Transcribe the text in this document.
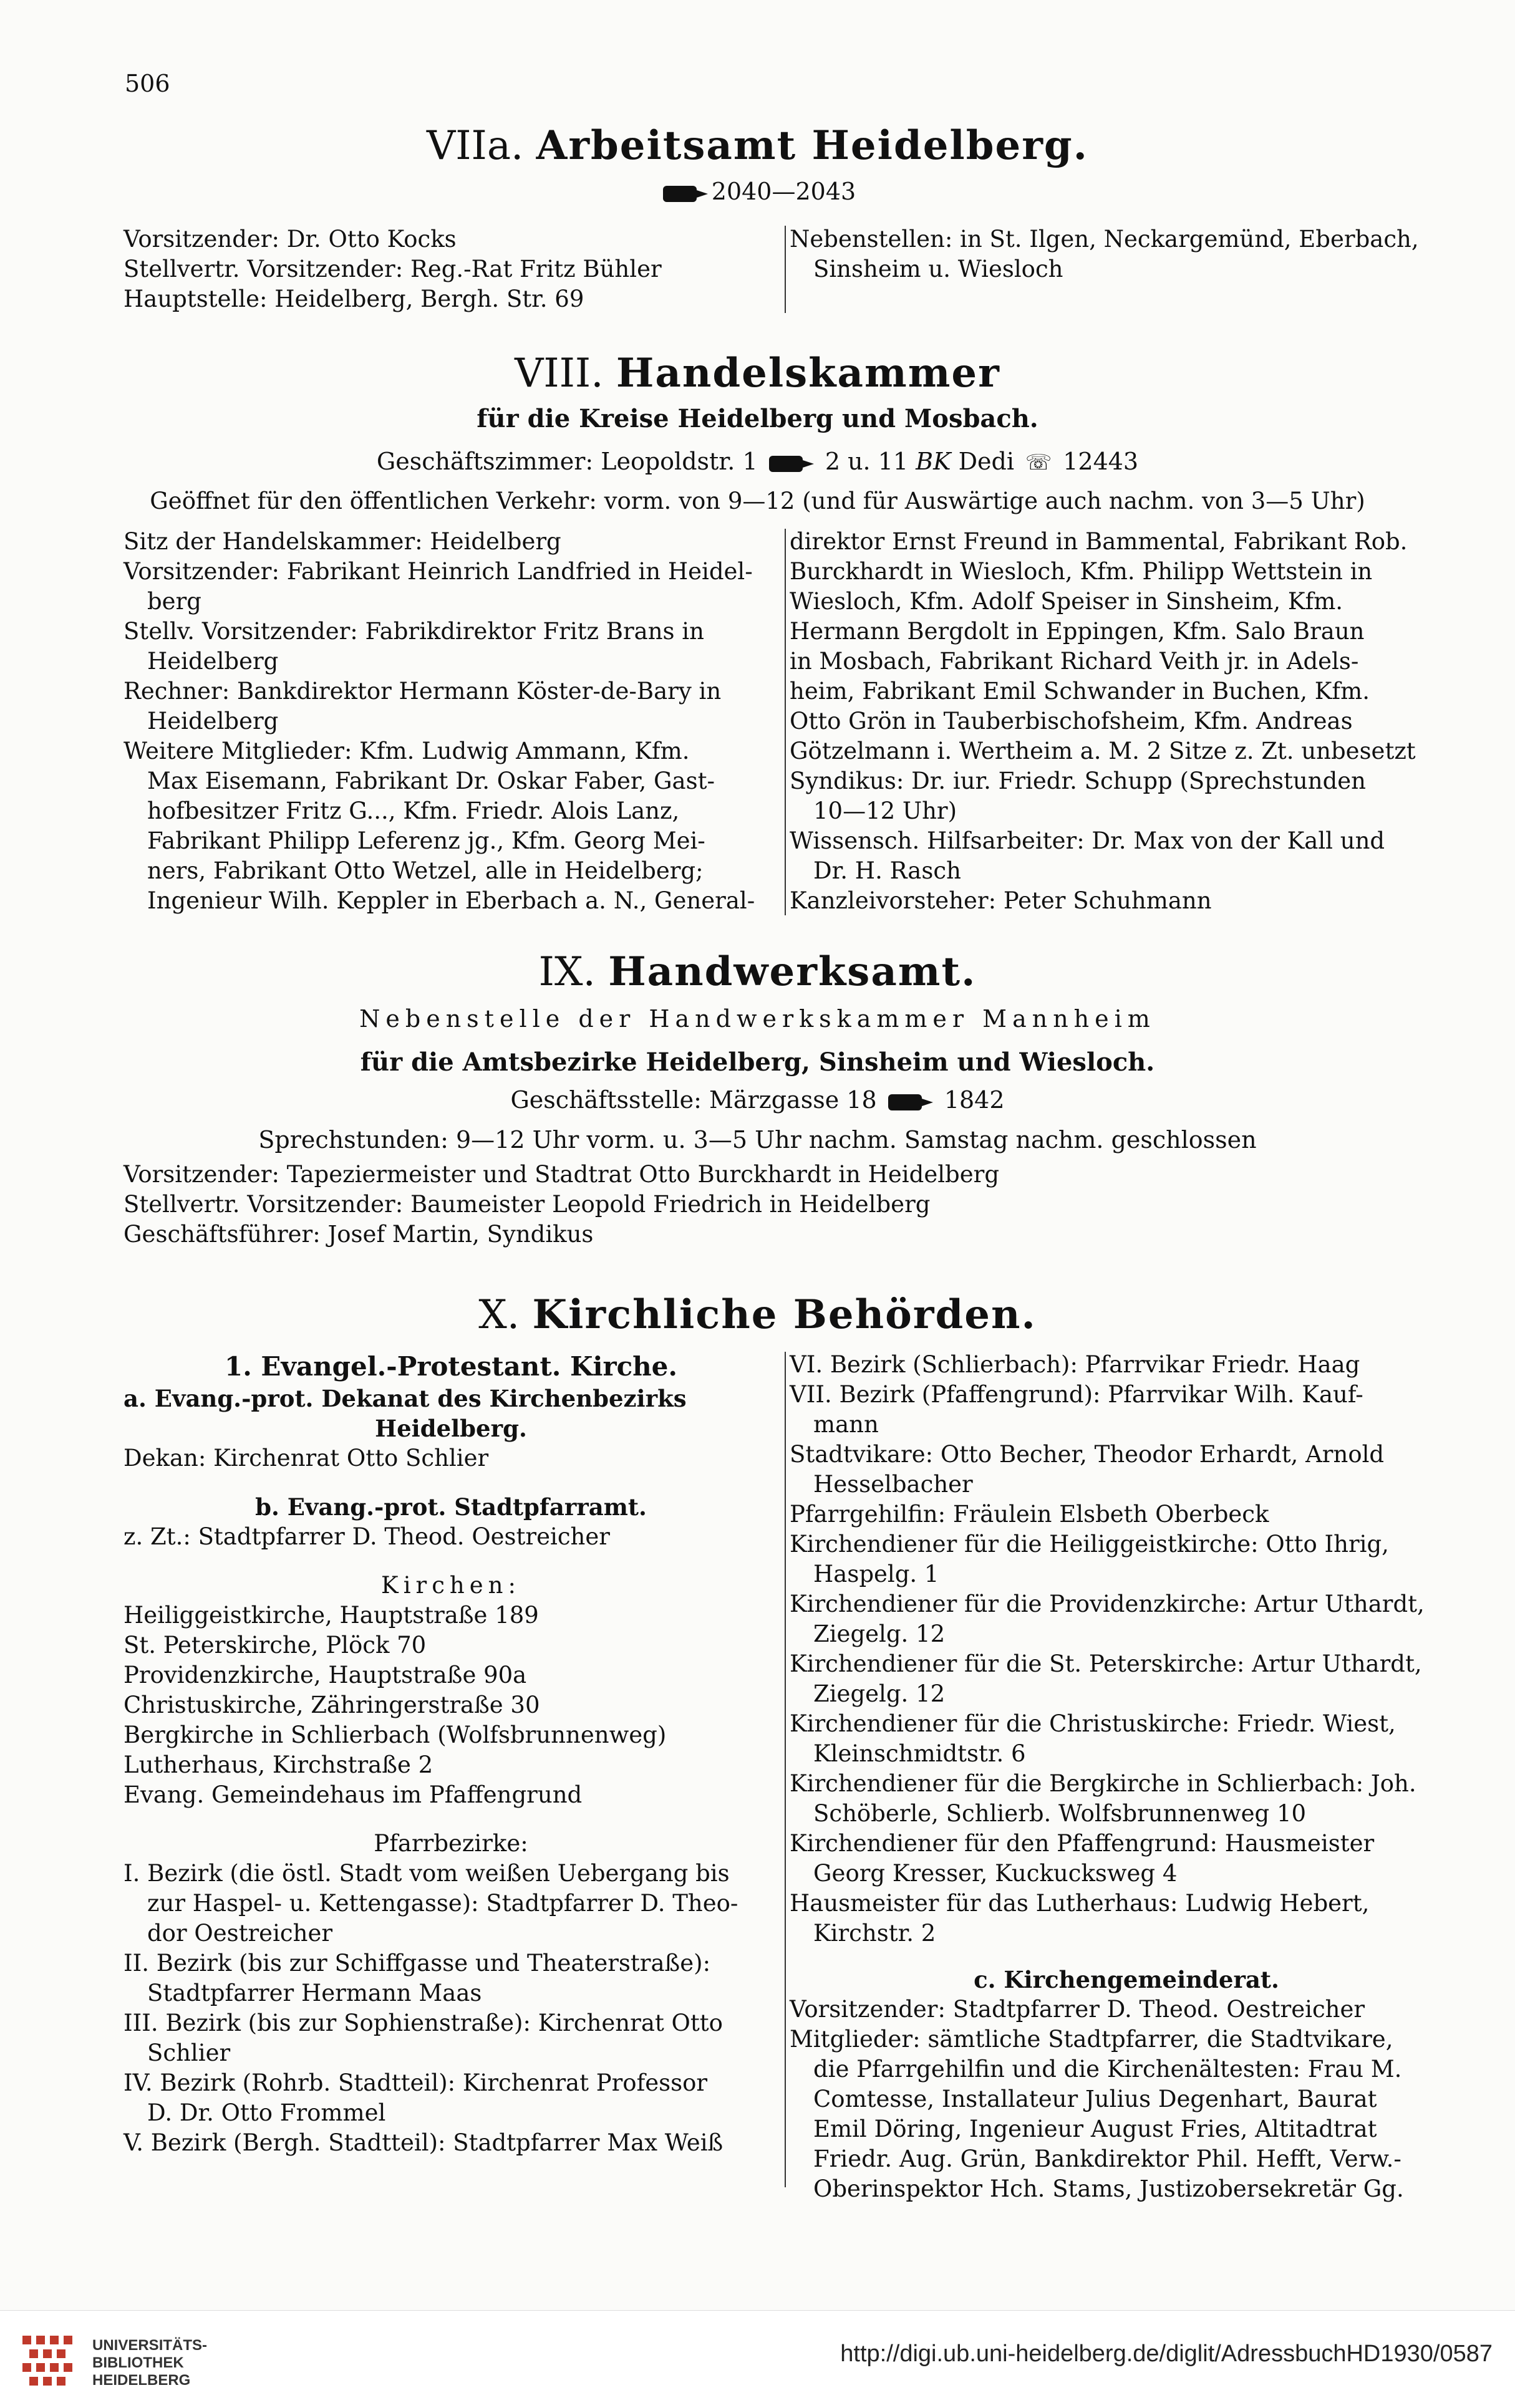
506
VIIa. Arbeitsamt Heidelberg.
2040—2043
Vorsitzender: Dr. Otto Kocks
Stellvertr. Vorsitzender: Reg.-Rat Fritz Bühler
Hauptstelle: Heidelberg, Bergh. Str. 69
Nebenstellen: in St. Ilgen, Neckargemünd, Eberbach,
Sinsheim u. Wiesloch
VIII. Handelskammer
für die Kreise Heidelberg und Mosbach.
Geschäftszimmer: Leopoldstr. 1	2 u. 11 BK Dedi ☏ 12443
Geöffnet für den öffentlichen Verkehr: vorm. von 9—12 (und für Auswärtige auch nachm. von 3—5 Uhr)
Sitz der Handelskammer: Heidelberg
Vorsitzender: Fabrikant Heinrich Landfried in Heidel-
berg
Stellv. Vorsitzender: Fabrikdirektor Fritz Brans in
Heidelberg
Rechner: Bankdirektor Hermann Köster-de-Bary in
Heidelberg
Weitere Mitglieder: Kfm. Ludwig Ammann, Kfm.
Max Eisemann, Fabrikant Dr. Oskar Faber, Gast-
hofbesitzer Fritz G..., Kfm. Friedr. Alois Lanz,
Fabrikant Philipp Leferenz jg., Kfm. Georg Mei-
ners, Fabrikant Otto Wetzel, alle in Heidelberg;
Ingenieur Wilh. Keppler in Eberbach a. N., General-
direktor Ernst Freund in Bammental, Fabrikant Rob.
Burckhardt in Wiesloch, Kfm. Philipp Wettstein in
Wiesloch, Kfm. Adolf Speiser in Sinsheim, Kfm.
Hermann Bergdolt in Eppingen, Kfm. Salo Braun
in Mosbach, Fabrikant Richard Veith jr. in Adels-
heim, Fabrikant Emil Schwander in Buchen, Kfm.
Otto Grön in Tauberbischofsheim, Kfm. Andreas
Götzelmann i. Wertheim a. M. 2 Sitze z. Zt. unbesetzt
Syndikus: Dr. iur. Friedr. Schupp (Sprechstunden
10—12 Uhr)
Wissensch. Hilfsarbeiter: Dr. Max von der Kall und
Dr. H. Rasch
Kanzleivorsteher: Peter Schuhmann
IX. Handwerksamt.
Nebenstelle der Handwerkskammer Mannheim
für die Amtsbezirke Heidelberg, Sinsheim und Wiesloch.
Geschäftsstelle: Märzgasse 18	1842
Sprechstunden: 9—12 Uhr vorm. u. 3—5 Uhr nachm. Samstag nachm. geschlossen
Vorsitzender: Tapeziermeister und Stadtrat Otto Burckhardt in Heidelberg
Stellvertr. Vorsitzender: Baumeister Leopold Friedrich in Heidelberg
Geschäftsführer: Josef Martin, Syndikus
X. Kirchliche Behörden.
1. Evangel.-Protestant. Kirche.
a. Evang.-prot. Dekanat des Kirchenbezirks
Heidelberg.
Dekan: Kirchenrat Otto Schlier
b. Evang.-prot. Stadtpfarramt.
z. Zt.: Stadtpfarrer D. Theod. Oestreicher
Kirchen:
Heiliggeistkirche, Hauptstraße 189
St. Peterskirche, Plöck 70
Providenzkirche, Hauptstraße 90a
Christuskirche, Zähringerstraße 30
Bergkirche in Schlierbach (Wolfsbrunnenweg)
Lutherhaus, Kirchstraße 2
Evang. Gemeindehaus im Pfaffengrund
Pfarrbezirke:
I. Bezirk (die östl. Stadt vom weißen Uebergang bis
zur Haspel- u. Kettengasse): Stadtpfarrer D. Theo-
dor Oestreicher
II. Bezirk (bis zur Schiffgasse und Theaterstraße):
Stadtpfarrer Hermann Maas
III. Bezirk (bis zur Sophienstraße): Kirchenrat Otto
Schlier
IV. Bezirk (Rohrb. Stadtteil): Kirchenrat Professor
D. Dr. Otto Frommel
V. Bezirk (Bergh. Stadtteil): Stadtpfarrer Max Weiß
VI. Bezirk (Schlierbach): Pfarrvikar Friedr. Haag
VII. Bezirk (Pfaffengrund): Pfarrvikar Wilh. Kauf-
mann
Stadtvikare: Otto Becher, Theodor Erhardt, Arnold
Hesselbacher
Pfarrgehilfin: Fräulein Elsbeth Oberbeck
Kirchendiener für die Heiliggeistkirche: Otto Ihrig,
Haspelg. 1
Kirchendiener für die Providenzkirche: Artur Uthardt,
Ziegelg. 12
Kirchendiener für die St. Peterskirche: Artur Uthardt,
Ziegelg. 12
Kirchendiener für die Christuskirche: Friedr. Wiest,
Kleinschmidtstr. 6
Kirchendiener für die Bergkirche in Schlierbach: Joh.
Schöberle, Schlierb. Wolfsbrunnenweg 10
Kirchendiener für den Pfaffengrund: Hausmeister
Georg Kresser, Kuckucksweg 4
Hausmeister für das Lutherhaus: Ludwig Hebert,
Kirchstr. 2
c. Kirchengemeinderat.
Vorsitzender: Stadtpfarrer D. Theod. Oestreicher
Mitglieder: sämtliche Stadtpfarrer, die Stadtvikare,
die Pfarrgehilfin und die Kirchenältesten: Frau M.
Comtesse, Installateur Julius Degenhart, Baurat
Emil Döring, Ingenieur August Fries, Altitadtrat
Friedr. Aug. Grün, Bankdirektor Phil. Hefft, Verw.-
Oberinspektor Hch. Stams, Justizobersekretär Gg.
UNIVERSITÄTS-
BIBLIOTHEK
HEIDELBERG
http://digi.ub.uni-heidelberg.de/diglit/AdressbuchHD1930/0587
